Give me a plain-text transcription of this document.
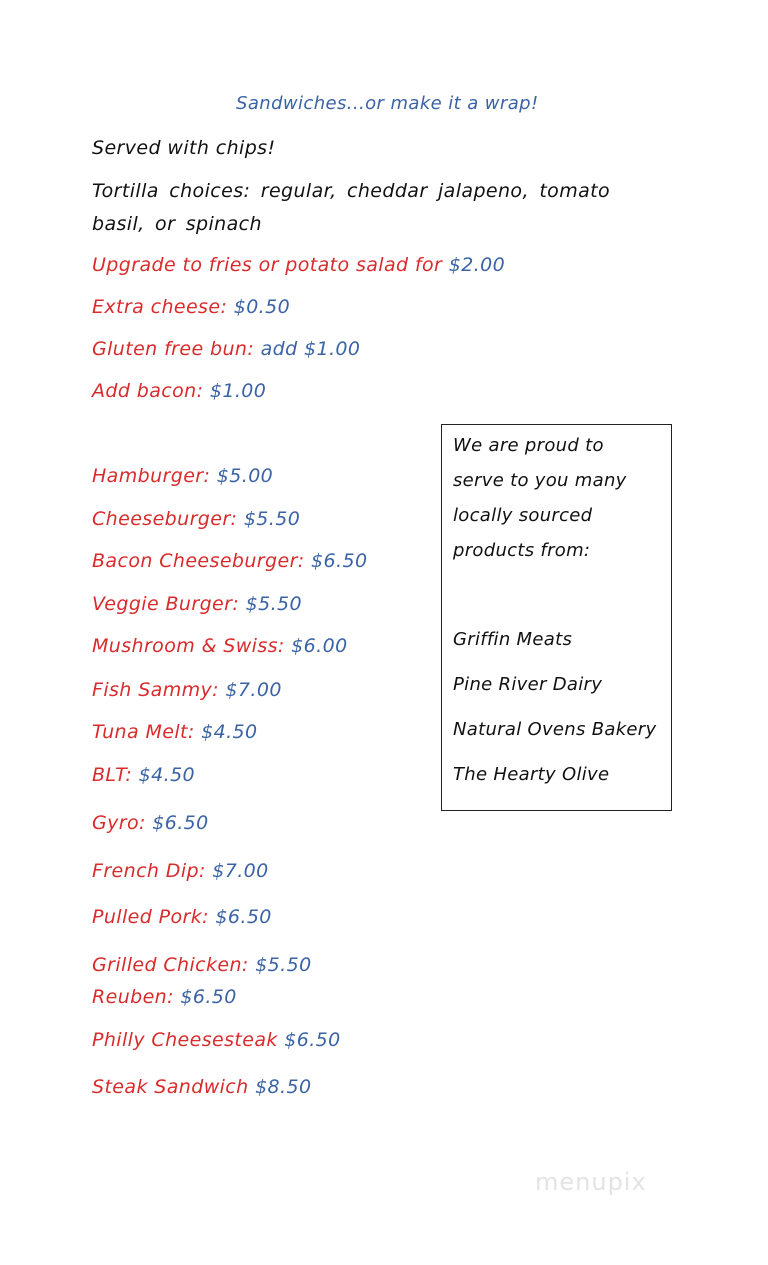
Sandwiches...or make it a wrap!
Served with chips!
Tortilla choices: regular, cheddar jalapeno, tomato basil, or spinach
Upgrade to fries or potato salad for $2.00
Extra cheese: $0.50
Gluten free bun: add $1.00
Add bacon: $1.00
Hamburger: $5.00
Cheeseburger: $5.50
Bacon Cheeseburger: $6.50
Veggie Burger: $5.50
Mushroom & Swiss: $6.00
Fish Sammy: $7.00
Tuna Melt: $4.50
BLT: $4.50
Gyro: $6.50
French Dip: $7.00
Pulled Pork: $6.50
Grilled Chicken: $5.50
Reuben: $6.50
Philly Cheesesteak $6.50
Steak Sandwich $8.50
We are proud to
serve to you many
locally sourced
products from:
Griffin Meats
Pine River Dairy
Natural Ovens Bakery
The Hearty Olive
menupix
